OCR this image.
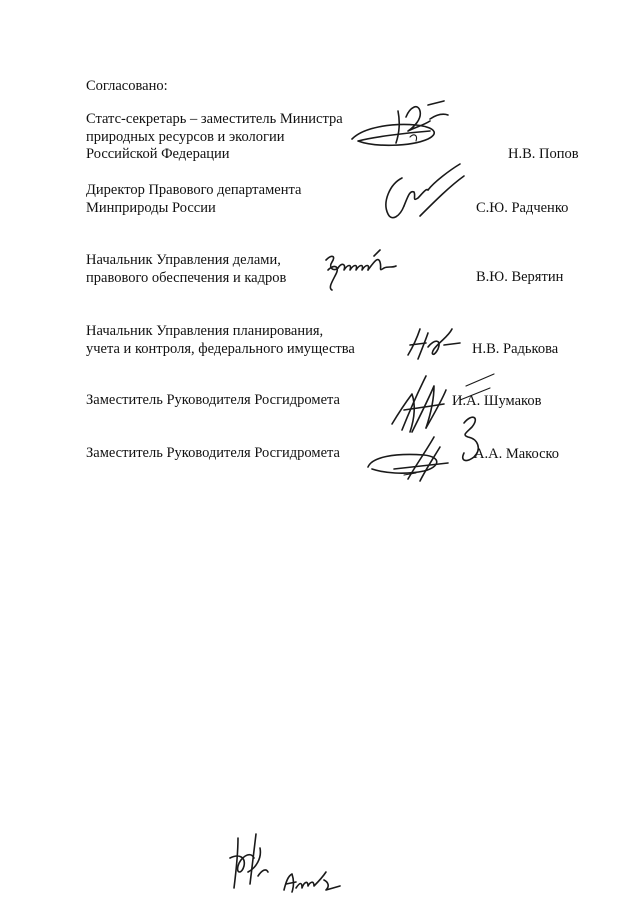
Согласовано:
Статс-секретарь – заместитель Министра
природных ресурсов и экологии
Российской Федерации	Н.В. Попов
Директор Правового департамента
Минприроды России	С.Ю. Радченко
Начальник Управления делами,
правового обеспечения и кадров	В.Ю. Верятин
Начальник Управления планирования,
учета и контроля, федерального имущества	Н.В. Радькова
Заместитель Руководителя Росгидромета	И.А. Шумаков
Заместитель Руководителя Росгидромета	А.А. Макоско
